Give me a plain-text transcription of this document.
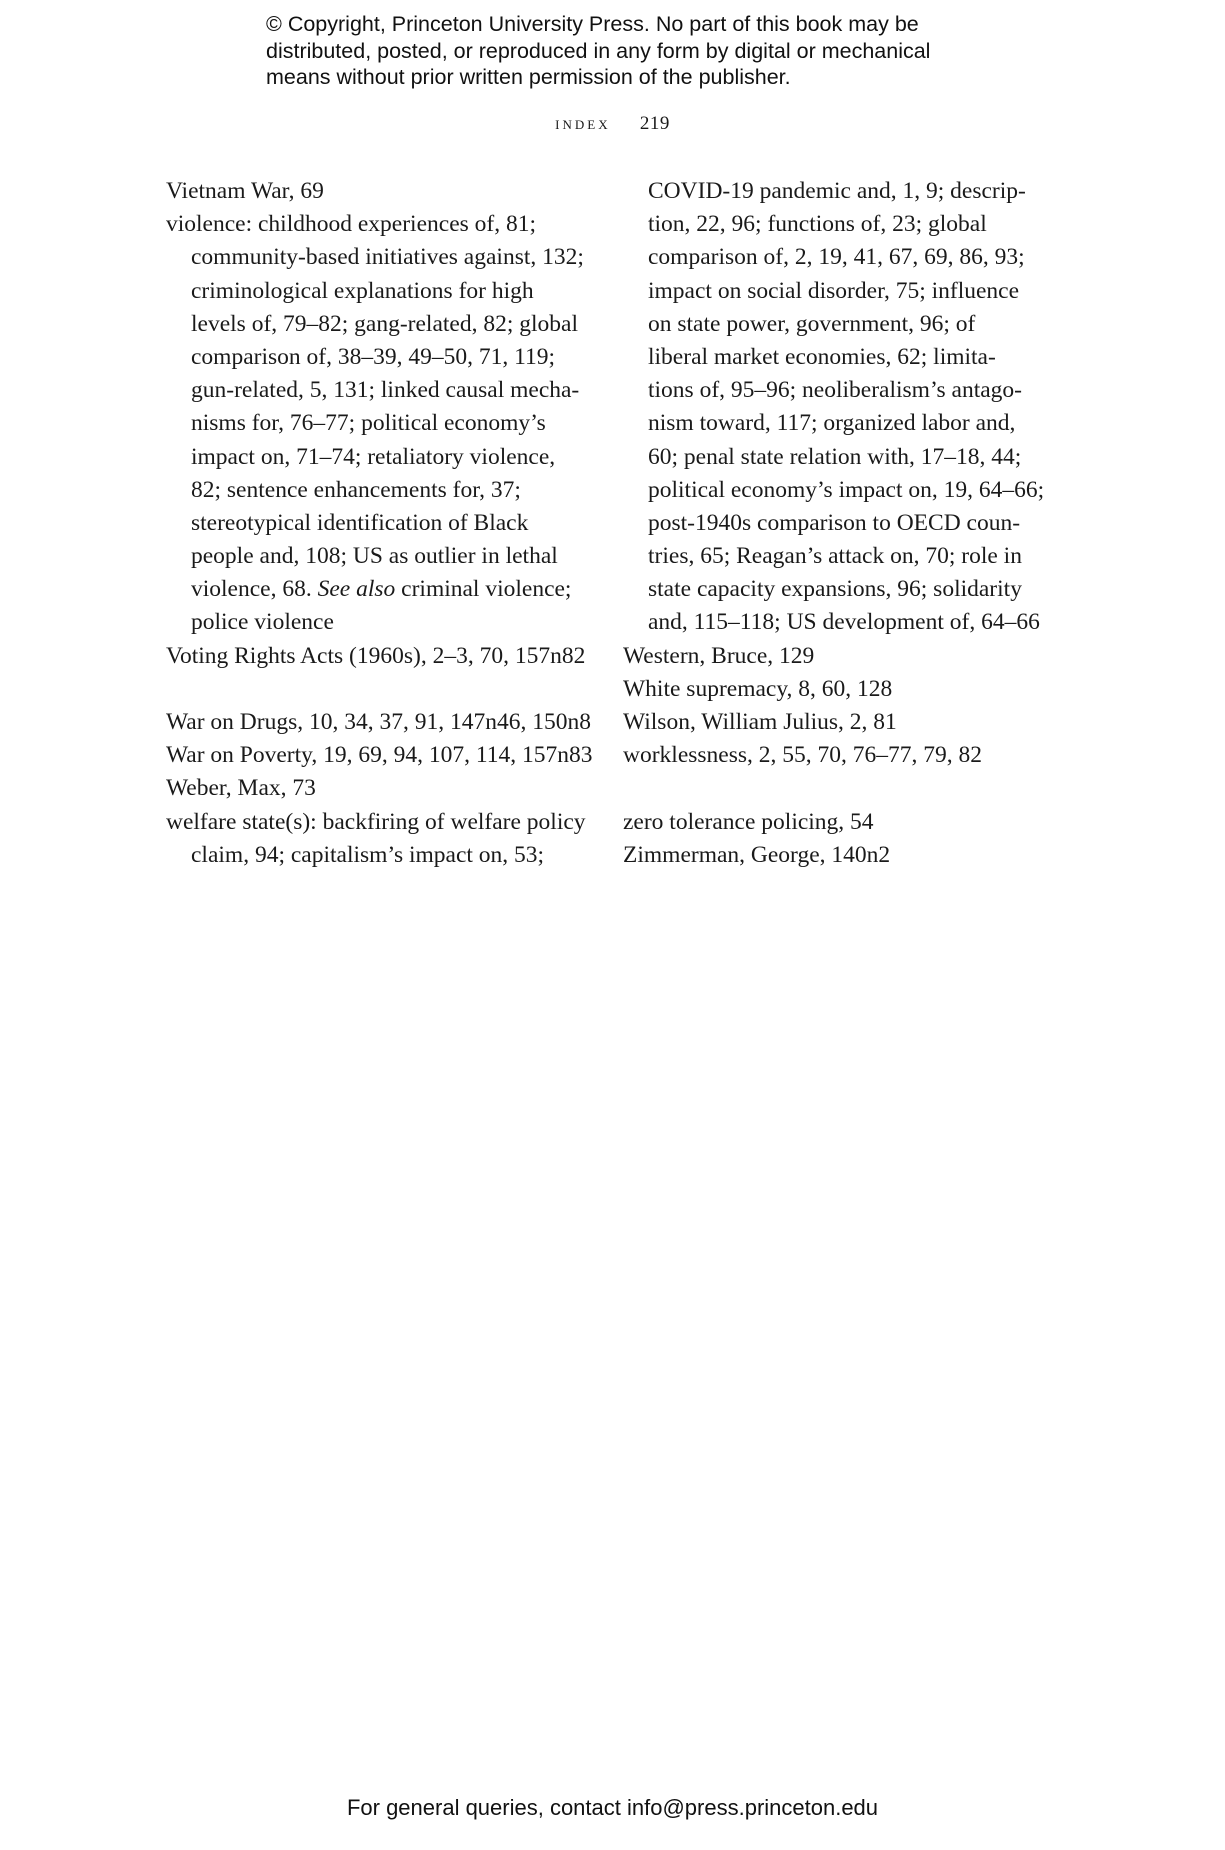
© Copyright, Princeton University Press. No part of this book may be
distributed, posted, or reproduced in any form by digital or mechanical
means without prior written permission of the publisher.
index 219
Vietnam War, 69
violence: childhood experiences of, 81;
community-based initiatives against, 132;
criminological explanations for high
levels of, 79–82; gang-related, 82; global
comparison of, 38–39, 49–50, 71, 119;
gun-related, 5, 131; linked causal mecha-
nisms for, 76–77; political economy’s
impact on, 71–74; retaliatory violence,
82; sentence enhancements for, 37;
stereotypical identification of Black
people and, 108; US as outlier in lethal
violence, 68. See also criminal violence;
police violence
Voting Rights Acts (1960s), 2–3, 70, 157n82
War on Drugs, 10, 34, 37, 91, 147n46, 150n8
War on Poverty, 19, 69, 94, 107, 114, 157n83
Weber, Max, 73
welfare state(s): backfiring of welfare policy
claim, 94; capitalism’s impact on, 53;
COVID-19 pandemic and, 1, 9; descrip-
tion, 22, 96; functions of, 23; global
comparison of, 2, 19, 41, 67, 69, 86, 93;
impact on social disorder, 75; influence
on state power, government, 96; of
liberal market economies, 62; limita-
tions of, 95–96; neoliberalism’s antago-
nism toward, 117; organized labor and,
60; penal state relation with, 17–18, 44;
political economy’s impact on, 19, 64–66;
post-1940s comparison to OECD coun-
tries, 65; Reagan’s attack on, 70; role in
state capacity expansions, 96; solidarity
and, 115–118; US development of, 64–66
Western, Bruce, 129
White supremacy, 8, 60, 128
Wilson, William Julius, 2, 81
worklessness, 2, 55, 70, 76–77, 79, 82
zero tolerance policing, 54
Zimmerman, George, 140n2
For general queries, contact info@press.princeton.edu
